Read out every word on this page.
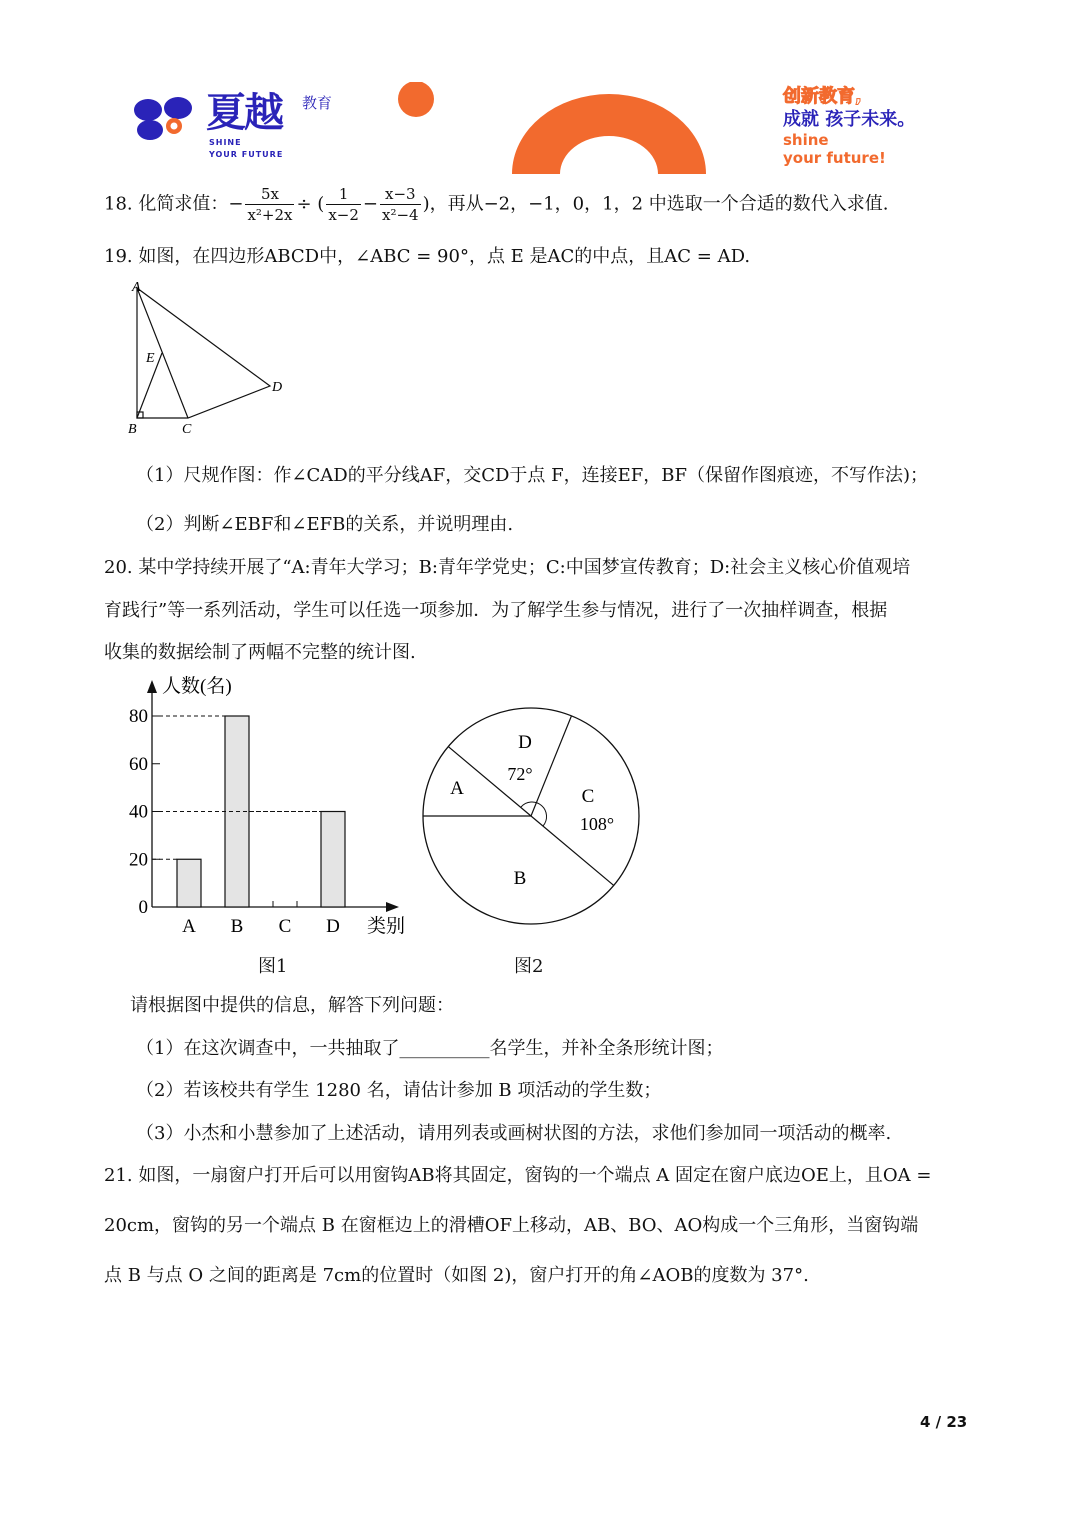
夏越 教育
SHINE
YOUR FUTURE
创新教育,
成就 孩子未来。
shine
your future!
18. 化简求值：− $\frac{5x}{\text{x²+2x}}$ ÷ ( $\frac{1}{x-2} - \frac{x-3}{\text{x²−4}}$ )，再从−2，−1，0，1，2 中选取一个合适的数代入求值.
19. 如图，在四边形ABCD中，∠ABC = 90°，点 E 是AC的中点，且AC = AD.
A
B	C
D
E
（1）尺规作图：作∠CAD的平分线AF，交CD于点 F，连接EF，BF（保留作图痕迹，不写作法)；
（2）判断∠EBF和∠EFB的关系，并说明理由.
20. 某中学持续开展了“A:青年大学习；B:青年学党史；C:中国梦宣传教育；D:社会主义核心价值观培
育践行”等一系列活动，学生可以任选一项参加．为了解学生参与情况，进行了一次抽样调查，根据
收集的数据绘制了两幅不完整的统计图.
人数(名)
类别
0
20
40
60
80
A B C D
D
C
B
A
72°
108°
图1	图2
请根据图中提供的信息，解答下列问题：
（1）在这次调查中，一共抽取了__________名学生，并补全条形统计图；
（2）若该校共有学生 1280 名，请估计参加 B 项活动的学生数；
（3）小杰和小慧参加了上述活动，请用列表或画树状图的方法，求他们参加同一项活动的概率.
21. 如图，一扇窗户打开后可以用窗钩AB将其固定，窗钩的一个端点 A 固定在窗户底边OE上，且OA =
20cm，窗钩的另一个端点 B 在窗框边上的滑槽OF上移动，AB、BO、AO构成一个三角形，当窗钩端
点 B 与点 O 之间的距离是 7cm的位置时（如图 2)，窗户打开的角∠AOB的度数为 37°.
4 / 23
